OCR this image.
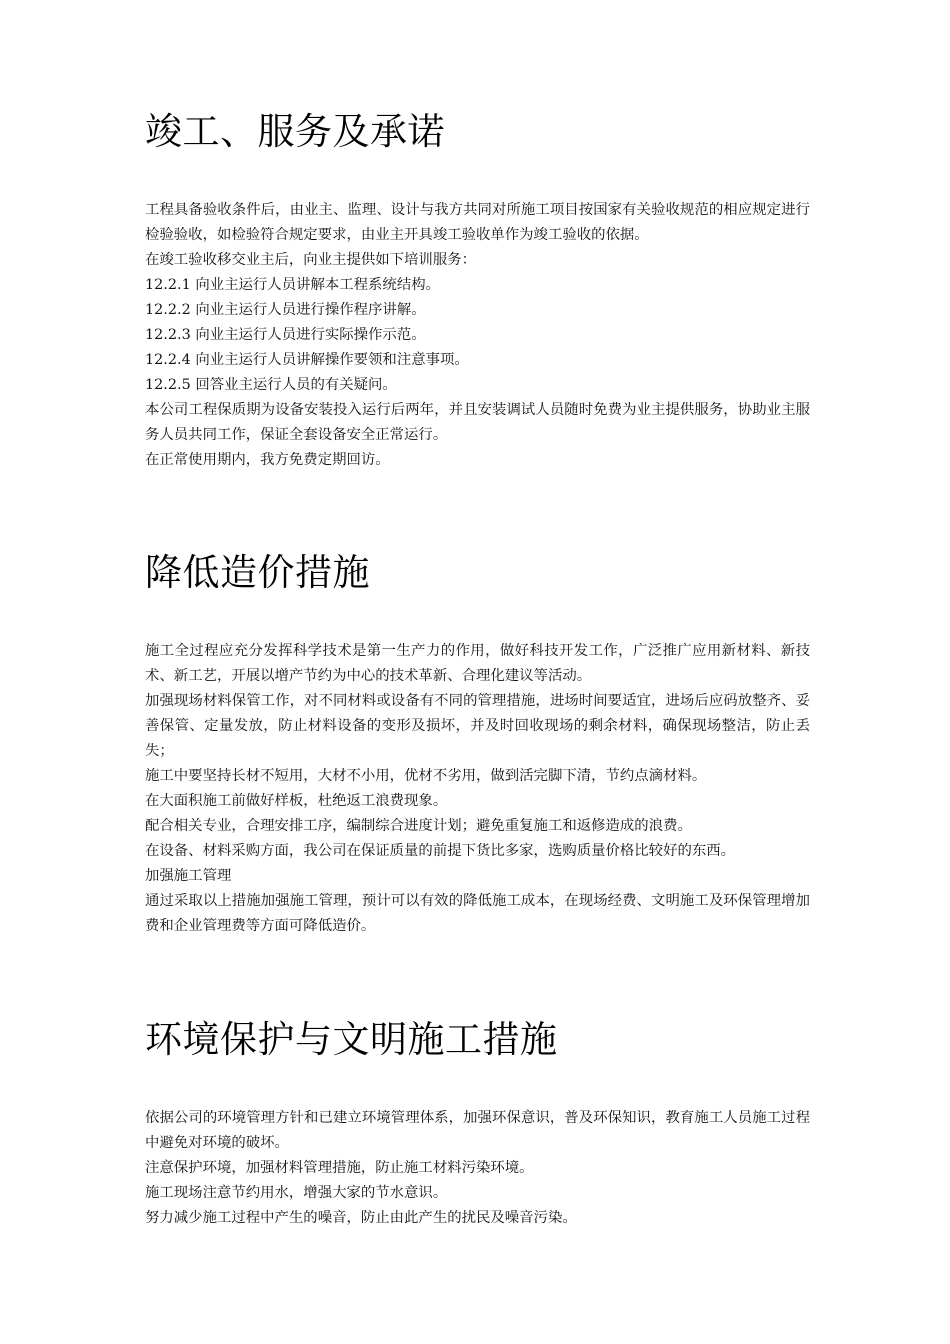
竣工、服务及承诺

工程具备验收条件后，由业主、监理、设计与我方共同对所施工项目按国家有关验收规范的相应规定进行检验验收，如检验符合规定要求，由业主开具竣工验收单作为竣工验收的依据。

在竣工验收移交业主后，向业主提供如下培训服务：

12.2.1 向业主运行人员讲解本工程系统结构。

12.2.2 向业主运行人员进行操作程序讲解。

12.2.3 向业主运行人员进行实际操作示范。

12.2.4 向业主运行人员讲解操作要领和注意事项。

12.2.5 回答业主运行人员的有关疑问。

本公司工程保质期为设备安装投入运行后两年，并且安装调试人员随时免费为业主提供服务，协助业主服务人员共同工作，保证全套设备安全正常运行。

在正常使用期内，我方免费定期回访。

降低造价措施

施工全过程应充分发挥科学技术是第一生产力的作用，做好科技开发工作，广泛推广应用新材料、新技术、新工艺，开展以增产节约为中心的技术革新、合理化建议等活动。

加强现场材料保管工作，对不同材料或设备有不同的管理措施，进场时间要适宜，进场后应码放整齐、妥善保管、定量发放，防止材料设备的变形及损坏，并及时回收现场的剩余材料，确保现场整洁，防止丢失；

施工中要坚持长材不短用，大材不小用，优材不劣用，做到活完脚下清，节约点滴材料。

在大面积施工前做好样板，杜绝返工浪费现象。

配合相关专业，合理安排工序，编制综合进度计划；避免重复施工和返修造成的浪费。

在设备、材料采购方面，我公司在保证质量的前提下货比多家，选购质量价格比较好的东西。

加强施工管理

通过采取以上措施加强施工管理，预计可以有效的降低施工成本，在现场经费、文明施工及环保管理增加费和企业管理费等方面可降低造价。

环境保护与文明施工措施

依据公司的环境管理方针和已建立环境管理体系，加强环保意识，普及环保知识，教育施工人员施工过程中避免对环境的破坏。

注意保护环境，加强材料管理措施，防止施工材料污染环境。

施工现场注意节约用水，增强大家的节水意识。

努力减少施工过程中产生的噪音，防止由此产生的扰民及噪音污染。
